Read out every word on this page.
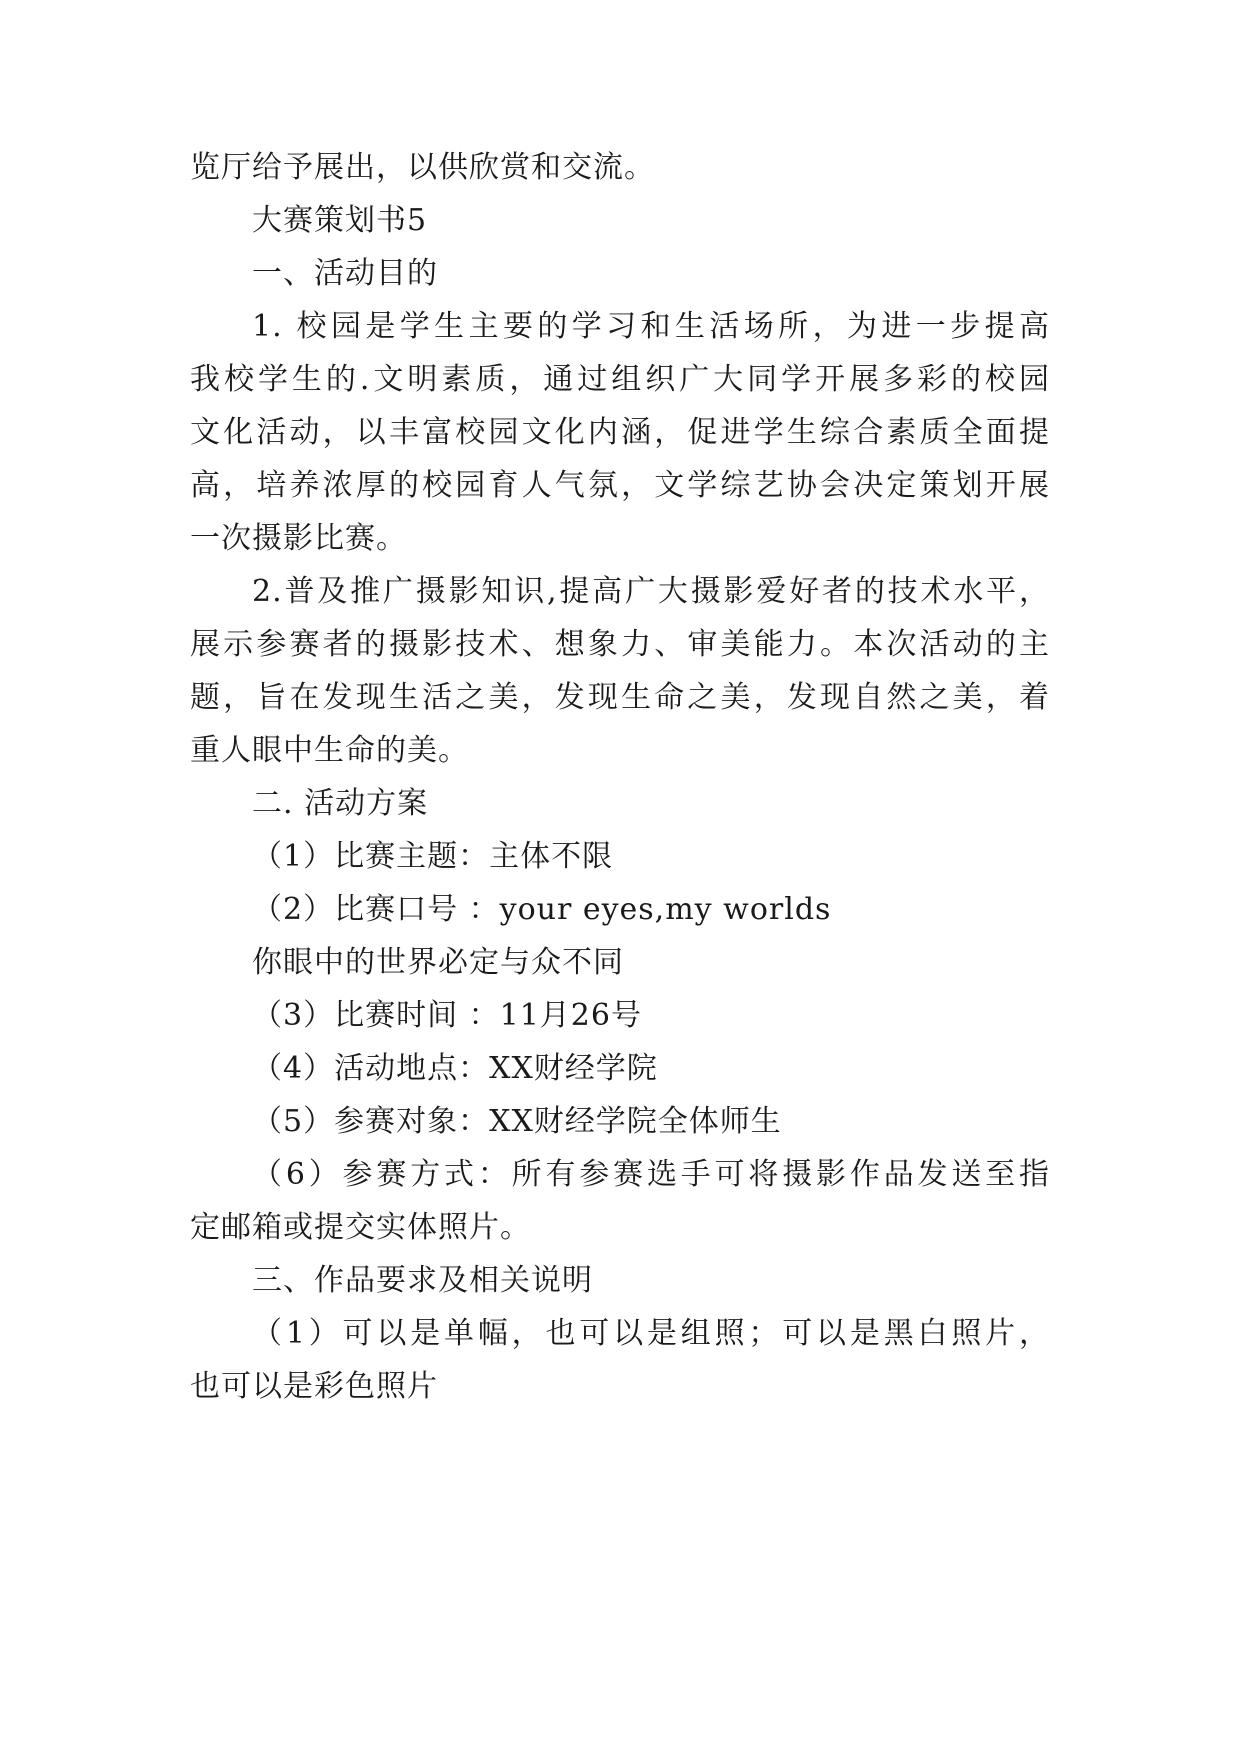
览厅给予展出，以供欣赏和交流。
大赛策划书5
一、活动目的
1. 校园是学生主要的学习和生活场所，为进一步提高
我校学生的.文明素质，通过组织广大同学开展多彩的校园
文化活动，以丰富校园文化内涵，促进学生综合素质全面提
高，培养浓厚的校园育人气氛，文学综艺协会决定策划开展
一次摄影比赛。
2.普及推广摄影知识,提高广大摄影爱好者的技术水平，
展示参赛者的摄影技术、想象力、审美能力。本次活动的主
题，旨在发现生活之美，发现生命之美，发现自然之美，着
重人眼中生命的美。
二. 活动方案
（1）比赛主题：主体不限
（2）比赛口号 ：your eyes,my worlds
你眼中的世界必定与众不同
（3）比赛时间 ：11月26号
（4）活动地点：XX财经学院
（5）参赛对象：XX财经学院全体师生
（6）参赛方式：所有参赛选手可将摄影作品发送至指
定邮箱或提交实体照片。
三、作品要求及相关说明
（1）可以是单幅，也可以是组照；可以是黑白照片，
也可以是彩色照片
